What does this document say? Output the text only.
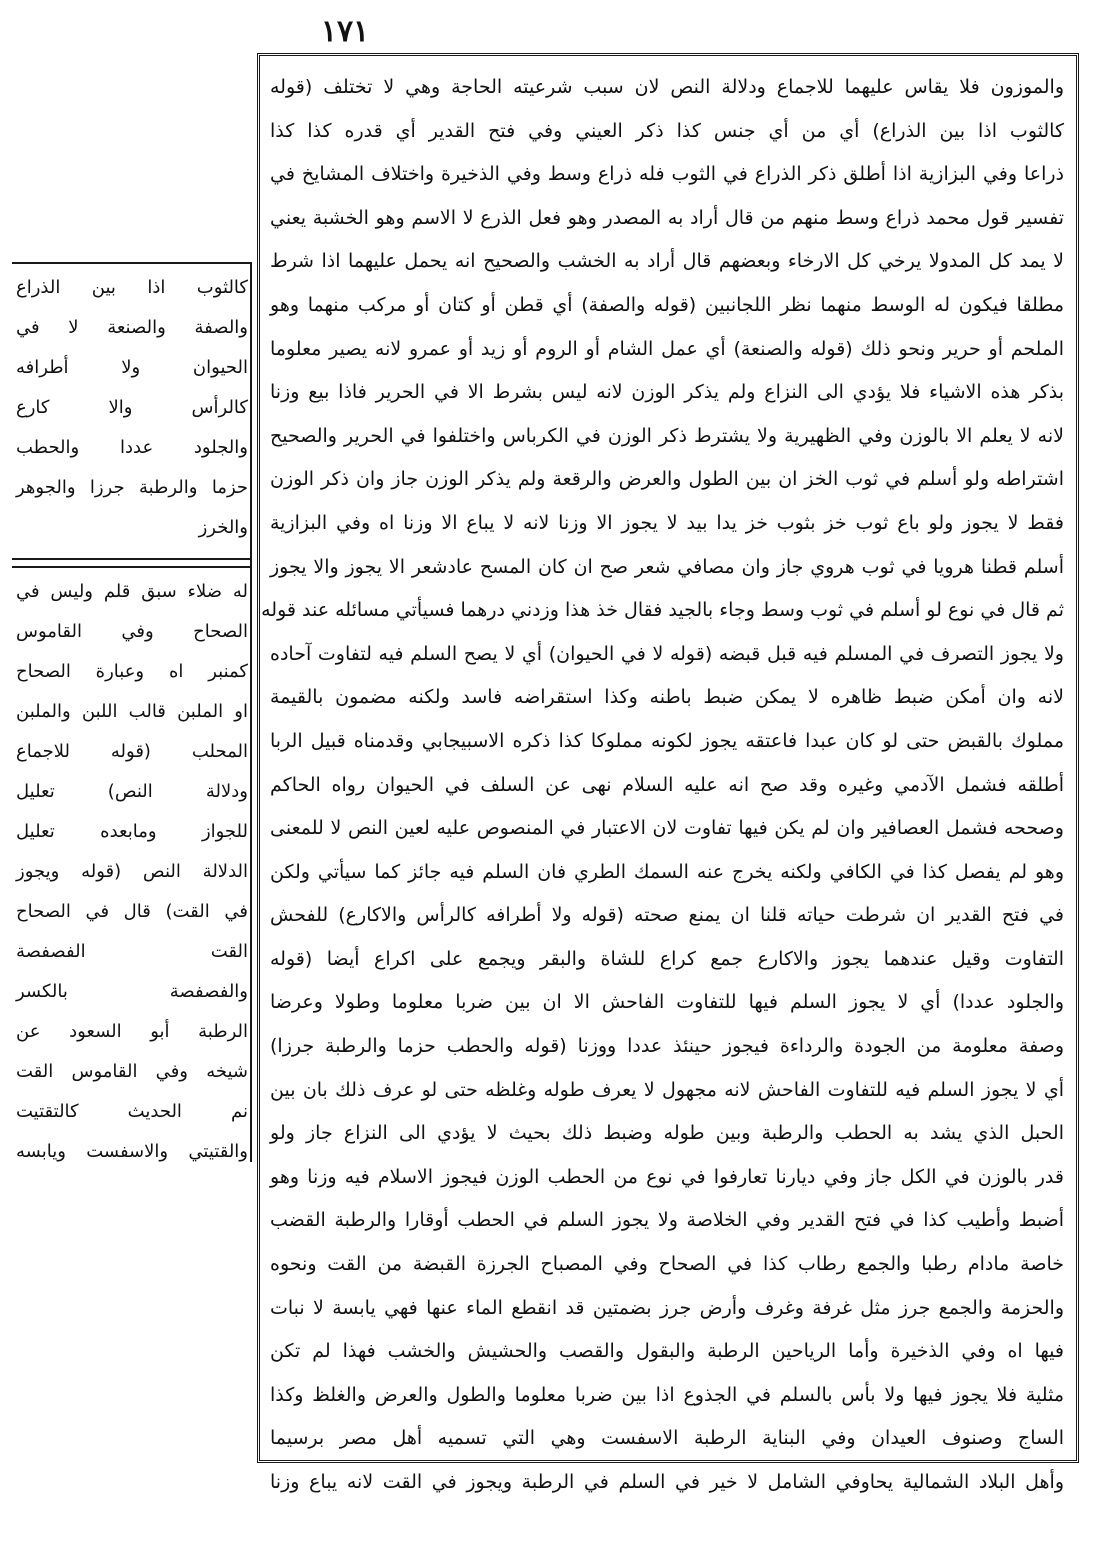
١٧١
والموزون فلا يقاس عليهما للاجماع ودلالة النص لان سبب شرعيته الحاجة وهي لا تختلف (قوله
كالثوب اذا بين الذراع) أي من أي جنس كذا ذكر العيني وفي فتح القدير أي قدره كذا كذا
ذراعا وفي البزازية اذا أطلق ذكر الذراع في الثوب فله ذراع وسط وفي الذخيرة واختلاف المشايخ في
تفسير قول محمد ذراع وسط منهم من قال أراد به المصدر وهو فعل الذرع لا الاسم وهو الخشبة يعني
لا يمد كل المدولا يرخي كل الارخاء وبعضهم قال أراد به الخشب والصحيح انه يحمل عليهما اذا شرط
مطلقا فيكون له الوسط منهما نظر اللجانبين (قوله والصفة) أي قطن أو كتان أو مركب منهما وهو
الملحم أو حرير ونحو ذلك (قوله والصنعة) أي عمل الشام أو الروم أو زيد أو عمرو لانه يصير معلوما
بذكر هذه الاشياء فلا يؤدي الى النزاع ولم يذكر الوزن لانه ليس بشرط الا في الحرير فاذا بيع وزنا
لانه لا يعلم الا بالوزن وفي الظهيرية ولا يشترط ذكر الوزن في الكرباس واختلفوا في الحرير والصحيح
اشتراطه ولو أسلم في ثوب الخز ان بين الطول والعرض والرقعة ولم يذكر الوزن جاز وان ذكر الوزن
فقط لا يجوز ولو باع ثوب خز بثوب خز يدا بيد لا يجوز الا وزنا لانه لا يباع الا وزنا اه وفي البزازية
أسلم قطنا هرويا في ثوب هروي جاز وان مصافي شعر صح ان كان المسح عادشعر الا يجوز والا يجوز
ثم قال في نوع لو أسلم في ثوب وسط وجاء بالجيد فقال خذ هذا وزدني درهما فسيأتي مسائله عند قوله
ولا يجوز التصرف في المسلم فيه قبل قبضه (قوله لا في الحيوان) أي لا يصح السلم فيه لتفاوت آحاده
لانه وان أمكن ضبط ظاهره لا يمكن ضبط باطنه وكذا استقراضه فاسد ولكنه مضمون بالقيمة
مملوك بالقبض حتى لو كان عبدا فاعتقه يجوز لكونه مملوكا كذا ذكره الاسبيجابي وقدمناه قبيل الربا
أطلقه فشمل الآدمي وغيره وقد صح انه عليه السلام نهى عن السلف في الحيوان رواه الحاكم
وصححه فشمل العصافير وان لم يكن فيها تفاوت لان الاعتبار في المنصوص عليه لعين النص لا للمعنى
وهو لم يفصل كذا في الكافي ولكنه يخرج عنه السمك الطري فان السلم فيه جائز كما سيأتي ولكن
في فتح القدير ان شرطت حياته قلنا ان يمنع صحته (قوله ولا أطرافه كالرأس والاكارع) للفحش
التفاوت وقيل عندهما يجوز والاكارع جمع كراع للشاة والبقر ويجمع على اكراع أيضا (قوله
والجلود عددا) أي لا يجوز السلم فيها للتفاوت الفاحش الا ان بين ضربا معلوما وطولا وعرضا
وصفة معلومة من الجودة والرداءة فيجوز حينئذ عددا ووزنا (قوله والحطب حزما والرطبة جرزا)
أي لا يجوز السلم فيه للتفاوت الفاحش لانه مجهول لا يعرف طوله وغلظه حتى لو عرف ذلك بان بين
الحبل الذي يشد به الحطب والرطبة وبين طوله وضبط ذلك بحيث لا يؤدي الى النزاع جاز ولو
قدر بالوزن في الكل جاز وفي ديارنا تعارفوا في نوع من الحطب الوزن فيجوز الاسلام فيه وزنا وهو
أضبط وأطيب كذا في فتح القدير وفي الخلاصة ولا يجوز السلم في الحطب أوقارا والرطبة القضب
خاصة مادام رطبا والجمع رطاب كذا في الصحاح وفي المصباح الجرزة القبضة من القت ونحوه
والحزمة والجمع جرز مثل غرفة وغرف وأرض جرز بضمتين قد انقطع الماء عنها فهي يابسة لا نبات
فيها اه وفي الذخيرة وأما الرياحين الرطبة والبقول والقصب والحشيش والخشب فهذا لم تكن
مثلية فلا يجوز فيها ولا بأس بالسلم في الجذوع اذا بين ضربا معلوما والطول والعرض والغلظ وكذا
الساج وصنوف العيدان وفي البناية الرطبة الاسفست وهي التي تسميه أهل مصر برسيما
وأهل البلاد الشمالية يحاوفي الشامل لا خير في السلم في الرطبة ويجوز في القت لانه يباع وزنا
كالثوب اذا بين الذراع
والصفة والصنعة لا في
الحيوان ولا أطرافه
كالرأس والا كارع
والجلود عددا والحطب
حزما والرطبة جرزا والجوهر
والخرز
له ضلاء سبق قلم وليس في
الصحاح وفي القاموس
كمنبر اه وعبارة الصحاح
او الملبن قالب اللبن والملبن
المحلب (قوله للاجماع
ودلالة النص) تعليل
للجواز ومابعده تعليل
الدلالة النص (قوله ويجوز
في القت) قال في الصحاح
القت الفصفصة
والفصفصة بالكسر
الرطبة أبو السعود عن
شيخه وفي القاموس القت
نم الحديث كالتقتيت
والقتيتي والاسفست ويابسه
